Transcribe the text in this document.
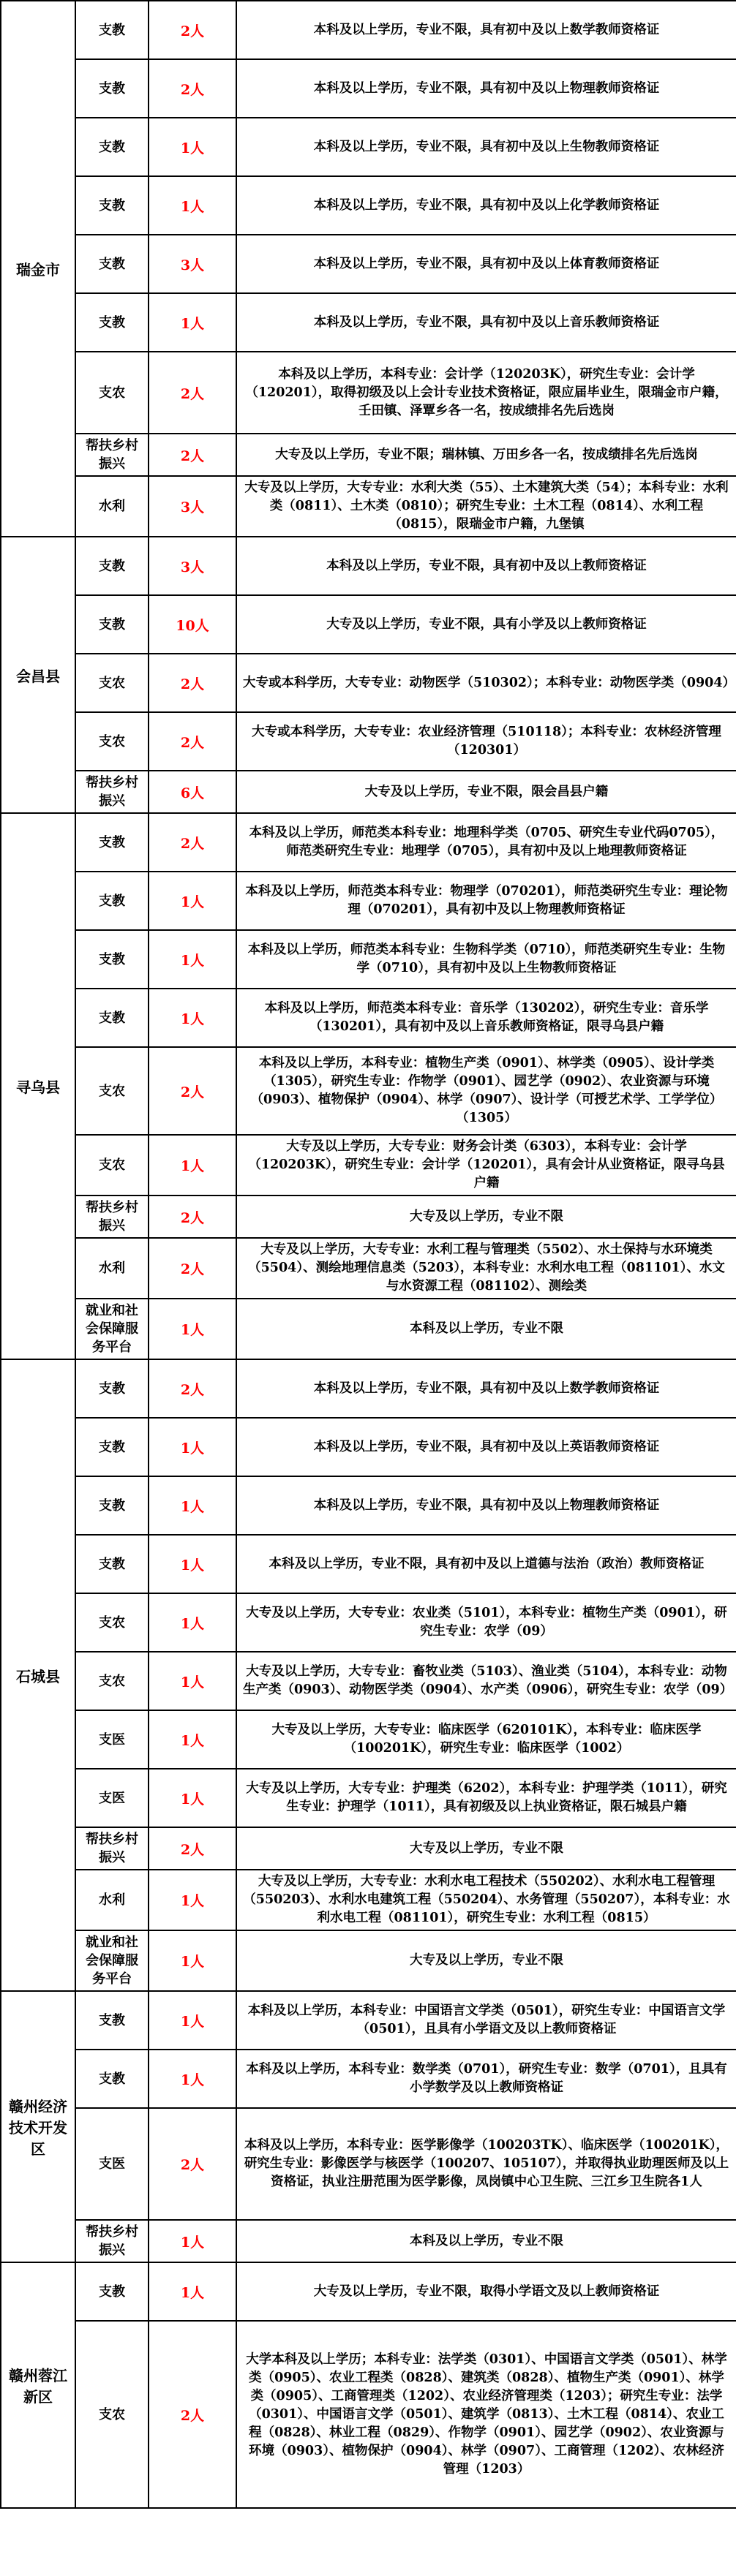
瑞金市	支教	2人	本科及以上学历，专业不限，具有初中及以上数学教师资格证
	支教	2人	本科及以上学历，专业不限，具有初中及以上物理教师资格证
	支教	1人	本科及以上学历，专业不限，具有初中及以上生物教师资格证
	支教	1人	本科及以上学历，专业不限，具有初中及以上化学教师资格证
	支教	3人	本科及以上学历，专业不限，具有初中及以上体育教师资格证
	支教	1人	本科及以上学历，专业不限，具有初中及以上音乐教师资格证
	支农	2人	本科及以上学历，本科专业：会计学（120203K），研究生专业：会计学（120201），取得初级及以上会计专业技术资格证，限应届毕业生，限瑞金市户籍，壬田镇、泽覃乡各一名，按成绩排名先后选岗
	帮扶乡村振兴	2人	大专及以上学历，专业不限；瑞林镇、万田乡各一名，按成绩排名先后选岗
	水利	3人	大专及以上学历，大专专业：水利大类（55）、土木建筑大类（54）；本科专业：水利类（0811）、土木类（0810）；研究生专业：土木工程（0814）、水利工程（0815），限瑞金市户籍，九堡镇
会昌县	支教	3人	本科及以上学历，专业不限，具有初中及以上教师资格证
	支教	10人	大专及以上学历，专业不限，具有小学及以上教师资格证
	支农	2人	大专或本科学历，大专专业：动物医学（510302）；本科专业：动物医学类（0904）
	支农	2人	大专或本科学历，大专专业：农业经济管理（510118）；本科专业：农林经济管理（120301）
	帮扶乡村振兴	6人	大专及以上学历，专业不限，限会昌县户籍
寻乌县	支教	2人	本科及以上学历，师范类本科专业：地理科学类（0705、研究生专业代码0705），师范类研究生专业：地理学（0705），具有初中及以上地理教师资格证
	支教	1人	本科及以上学历，师范类本科专业：物理学（070201），师范类研究生专业：理论物理（070201），具有初中及以上物理教师资格证
	支教	1人	本科及以上学历，师范类本科专业：生物科学类（0710），师范类研究生专业：生物学（0710），具有初中及以上生物教师资格证
	支教	1人	本科及以上学历，师范类本科专业：音乐学（130202），研究生专业：音乐学（130201），具有初中及以上音乐教师资格证，限寻乌县户籍
	支农	2人	本科及以上学历，本科专业：植物生产类（0901）、林学类（0905）、设计学类（1305），研究生专业：作物学（0901）、园艺学（0902）、农业资源与环境（0903）、植物保护（0904）、林学（0907）、设计学（可授艺术学、工学学位）（1305）
	支农	1人	大专及以上学历，大专专业：财务会计类（6303），本科专业：会计学（120203K），研究生专业：会计学（120201），具有会计从业资格证，限寻乌县户籍
	帮扶乡村振兴	2人	大专及以上学历，专业不限
	水利	2人	大专及以上学历，大专专业：水利工程与管理类（5502）、水土保持与水环境类（5504）、测绘地理信息类（5203），本科专业：水利水电工程（081101）、水文与水资源工程（081102）、测绘类
	就业和社会保障服务平台	1人	本科及以上学历，专业不限
石城县	支教	2人	本科及以上学历，专业不限，具有初中及以上数学教师资格证
	支教	1人	本科及以上学历，专业不限，具有初中及以上英语教师资格证
	支教	1人	本科及以上学历，专业不限，具有初中及以上物理教师资格证
	支教	1人	本科及以上学历，专业不限，具有初中及以上道德与法治（政治）教师资格证
	支农	1人	大专及以上学历，大专专业：农业类（5101），本科专业：植物生产类（0901），研究生专业：农学（09）
	支农	1人	大专及以上学历，大专专业：畜牧业类（5103）、渔业类（5104），本科专业：动物生产类（0903）、动物医学类（0904）、水产类（0906），研究生专业：农学（09）
	支医	1人	大专及以上学历，大专专业：临床医学（620101K），本科专业：临床医学（100201K），研究生专业：临床医学（1002）
	支医	1人	大专及以上学历，大专专业：护理类（6202），本科专业：护理学类（1011），研究生专业：护理学（1011），具有初级及以上执业资格证，限石城县户籍
	帮扶乡村振兴	2人	大专及以上学历，专业不限
	水利	1人	大专及以上学历，大专专业：水利水电工程技术（550202）、水利水电工程管理（550203）、水利水电建筑工程（550204）、水务管理（550207），本科专业：水利水电工程（081101），研究生专业：水利工程（0815）
	就业和社会保障服务平台	1人	大专及以上学历，专业不限
赣州经济技术开发区	支教	1人	本科及以上学历，本科专业：中国语言文学类（0501），研究生专业：中国语言文学（0501），且具有小学语文及以上教师资格证
	支教	1人	本科及以上学历，本科专业：数学类（0701），研究生专业：数学（0701），且具有小学数学及以上教师资格证
	支医	2人	本科及以上学历，本科专业：医学影像学（100203TK）、临床医学（100201K），研究生专业：影像医学与核医学（100207、105107），并取得执业助理医师及以上资格证，执业注册范围为医学影像，凤岗镇中心卫生院、三江乡卫生院各1人
	帮扶乡村振兴	1人	本科及以上学历，专业不限
赣州蓉江新区	支教	1人	大专及以上学历，专业不限，取得小学语文及以上教师资格证
	支农	2人	大学本科及以上学历；本科专业：法学类（0301）、中国语言文学类（0501）、林学类（0905）、农业工程类（0828）、建筑类（0828）、植物生产类（0901）、林学类（0905）、工商管理类（1202）、农业经济管理类（1203）；研究生专业：法学（0301）、中国语言文学（0501）、建筑学（0813）、土木工程（0814）、农业工程（0828）、林业工程（0829）、作物学（0901）、园艺学（0902）、农业资源与环境（0903）、植物保护（0904）、林学（0907）、工商管理（1202）、农林经济管理（1203）
